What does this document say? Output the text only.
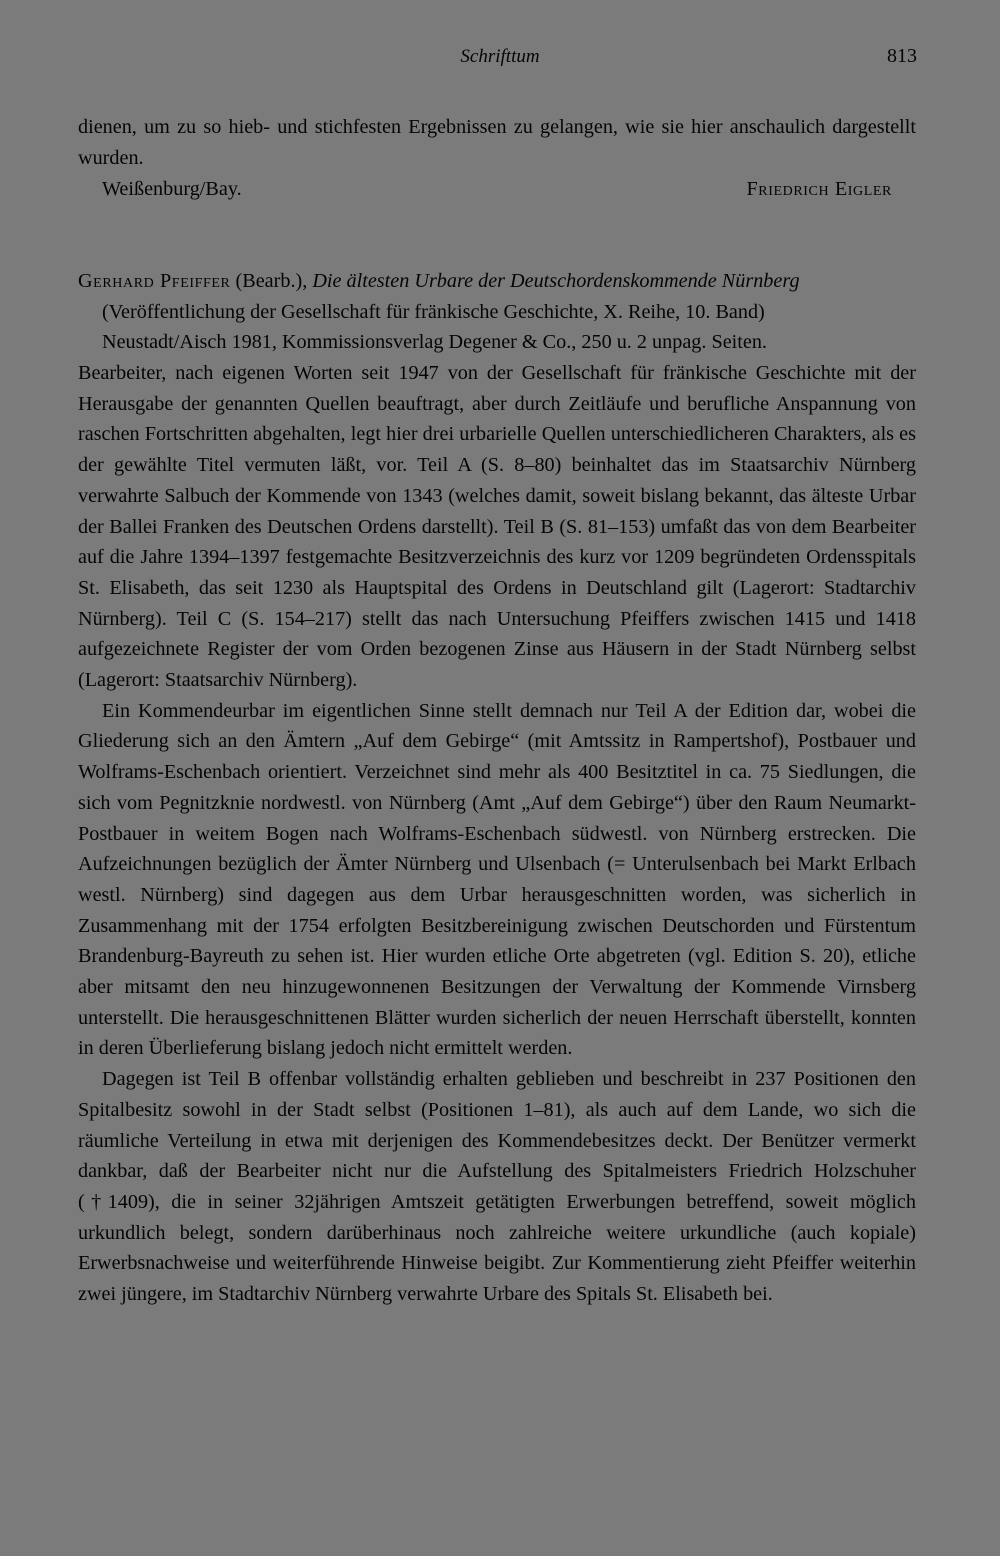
Schrifttum	813

dienen, um zu so hieb- und stichfesten Ergebnissen zu gelangen, wie sie hier anschaulich dargestellt wurden.

Weißenburg/Bay.	Friedrich Eigler

Gerhard Pfeiffer (Bearb.), Die ältesten Urbare der Deutschordenskommende Nürnberg

(Veröffentlichung der Gesellschaft für fränkische Geschichte, X. Reihe, 10. Band)

Neustadt/Aisch 1981, Kommissionsverlag Degener & Co., 250 u. 2 unpag. Seiten.

Bearbeiter, nach eigenen Worten seit 1947 von der Gesellschaft für fränkische Geschichte mit der Herausgabe der genannten Quellen beauftragt, aber durch Zeitläufe und berufliche Anspannung von raschen Fortschritten abgehalten, legt hier drei urbarielle Quellen unterschiedlicheren Charakters, als es der gewählte Titel vermuten läßt, vor. Teil A (S. 8–80) beinhaltet das im Staatsarchiv Nürnberg verwahrte Salbuch der Kommende von 1343 (welches damit, soweit bislang bekannt, das älteste Urbar der Ballei Franken des Deutschen Ordens darstellt). Teil B (S. 81–153) umfaßt das von dem Bearbeiter auf die Jahre 1394–1397 festgemachte Besitzverzeichnis des kurz vor 1209 begründeten Ordensspitals St. Elisabeth, das seit 1230 als Hauptspital des Ordens in Deutschland gilt (Lagerort: Stadtarchiv Nürnberg). Teil C (S. 154–217) stellt das nach Untersuchung Pfeiffers zwischen 1415 und 1418 aufgezeichnete Register der vom Orden bezogenen Zinse aus Häusern in der Stadt Nürnberg selbst (Lagerort: Staatsarchiv Nürnberg).

Ein Kommendeurbar im eigentlichen Sinne stellt demnach nur Teil A der Edition dar, wobei die Gliederung sich an den Ämtern „Auf dem Gebirge“ (mit Amtssitz in Rampertshof), Postbauer und Wolframs-Eschenbach orientiert. Verzeichnet sind mehr als 400 Besitztitel in ca. 75 Siedlungen, die sich vom Pegnitzknie nordwestl. von Nürnberg (Amt „Auf dem Gebirge“) über den Raum Neumarkt-Postbauer in weitem Bogen nach Wolframs-Eschenbach südwestl. von Nürnberg erstrecken. Die Aufzeichnungen bezüglich der Ämter Nürnberg und Ulsenbach (= Unterulsenbach bei Markt Erlbach westl. Nürnberg) sind dagegen aus dem Urbar herausgeschnitten worden, was sicherlich in Zusammenhang mit der 1754 erfolgten Besitzbereinigung zwischen Deutschorden und Fürstentum Brandenburg-Bayreuth zu sehen ist. Hier wurden etliche Orte abgetreten (vgl. Edition S. 20), etliche aber mitsamt den neu hinzugewonnenen Besitzungen der Verwaltung der Kommende Virnsberg unterstellt. Die herausgeschnittenen Blätter wurden sicherlich der neuen Herrschaft überstellt, konnten in deren Überlieferung bislang jedoch nicht ermittelt werden.

Dagegen ist Teil B offenbar vollständig erhalten geblieben und beschreibt in 237 Positionen den Spitalbesitz sowohl in der Stadt selbst (Positionen 1–81), als auch auf dem Lande, wo sich die räumliche Verteilung in etwa mit derjenigen des Kommendebesitzes deckt. Der Benützer vermerkt dankbar, daß der Bearbeiter nicht nur die Aufstellung des Spitalmeisters Friedrich Holzschuher (†1409), die in seiner 32jährigen Amtszeit getätigten Erwerbungen betreffend, soweit möglich urkundlich belegt, sondern darüberhinaus noch zahlreiche weitere urkundliche (auch kopiale) Erwerbsnachweise und weiterführende Hinweise beigibt. Zur Kommentierung zieht Pfeiffer weiterhin zwei jüngere, im Stadtarchiv Nürnberg verwahrte Urbare des Spitals St. Elisabeth bei.
